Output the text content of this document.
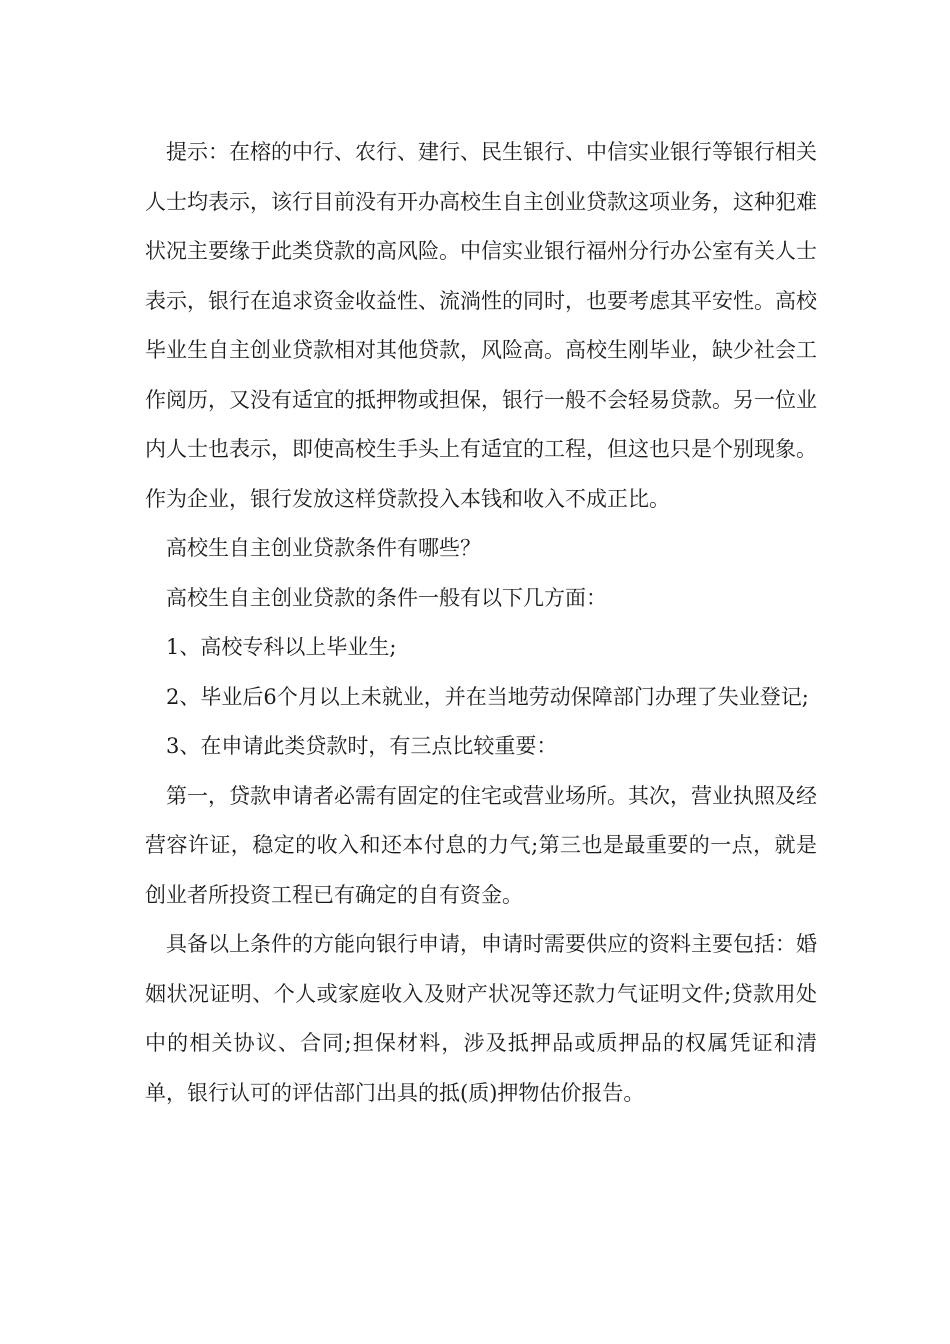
提示：在榕的中行、农行、建行、民生银行、中信实业银行等银行相关人士均表示，该行目前没有开办高校生自主创业贷款这项业务，这种犯难状况主要缘于此类贷款的高风险。中信实业银行福州分行办公室有关人士表示，银行在追求资金收益性、流淌性的同时，也要考虑其平安性。高校毕业生自主创业贷款相对其他贷款，风险高。高校生刚毕业，缺少社会工作阅历，又没有适宜的抵押物或担保，银行一般不会轻易贷款。另一位业内人士也表示，即使高校生手头上有适宜的工程，但这也只是个别现象。作为企业，银行发放这样贷款投入本钱和收入不成正比。

高校生自主创业贷款条件有哪些？

高校生自主创业贷款的条件一般有以下几方面：

1、高校专科以上毕业生;

2、毕业后6个月以上未就业，并在当地劳动保障部门办理了失业登记;

3、在申请此类贷款时，有三点比较重要：

第一，贷款申请者必需有固定的住宅或营业场所。其次，营业执照及经营容许证，稳定的收入和还本付息的力气;第三也是最重要的一点，就是创业者所投资工程已有确定的自有资金。

具备以上条件的方能向银行申请，申请时需要供应的资料主要包括：婚姻状况证明、个人或家庭收入及财产状况等还款力气证明文件;贷款用处中的相关协议、合同;担保材料，涉及抵押品或质押品的权属凭证和清单，银行认可的评估部门出具的抵(质)押物估价报告。
